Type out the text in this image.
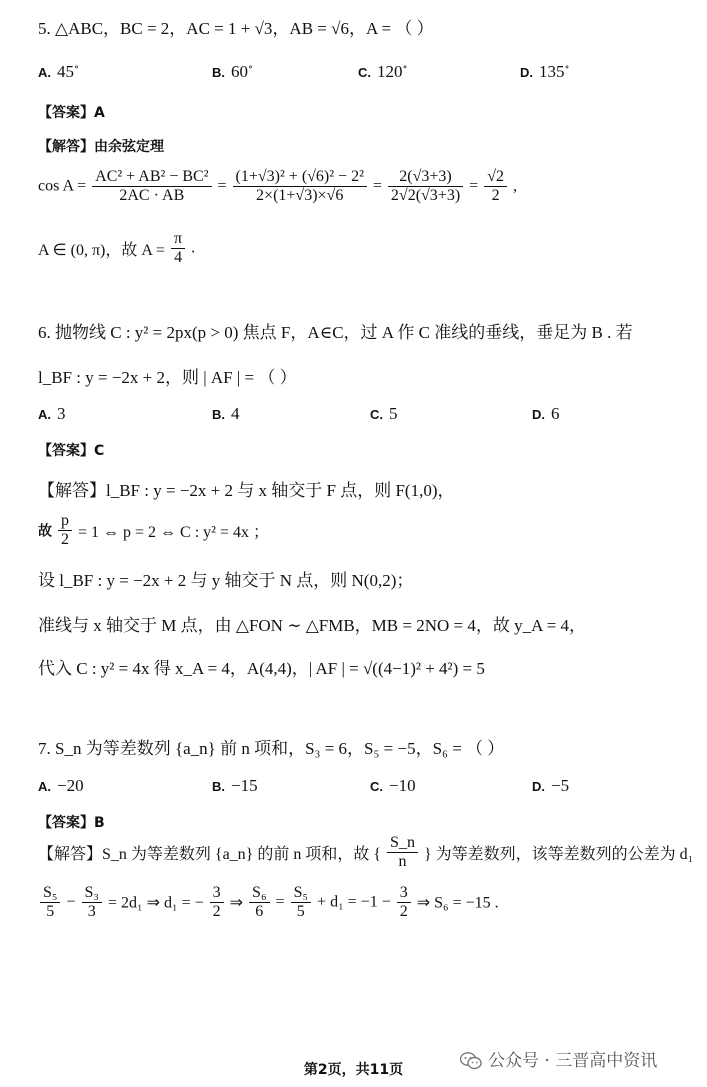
5. △ABC，BC = 2，AC = 1 + √3，AB = √6，A = （ ）
A. 45∘	B. 60∘	C. 120∘	D. 135∘
【答案】A
【解答】由余弦定理
$\cos A = \frac{\text{AC² + AB² − BC²}}{2AC \cdot AB} = \frac{\text{(1+√3)² + (√6)² − 2²}}{2\times(1+√3)\times√6} = \frac{2(√3+3)}{2√2(√3+3)} = \frac{√2}{2}$ ,
A ∈ (0, π)，故 $A = \frac{\pi}{4}$ .
6. 抛物线 C : y² = 2px(p > 0) 焦点 F，A∈C，过 A 作 C 准线的垂线，垂足为 B . 若
l_BF : y = −2x + 2，则 | AF | = （ ）
A. 3	B. 4	C. 5	D. 6
【答案】C
【解答】l_BF : y = −2x + 2 与 x 轴交于 F 点，则 F(1,0)，
故 $\frac{p}{2} = 1$ ⇔ p = 2 ⇔ C : y² = 4x ；
设 l_BF : y = −2x + 2 与 y 轴交于 N 点，则 N(0,2)；
准线与 x 轴交于 M 点，由 △FON ∼ △FMB，MB = 2NO = 4，故 y_A = 4，
代入 C : y² = 4x 得 x_A = 4，A(4,4)，| AF | = √((4−1)² + 4²) = 5
7. S_n 为等差数列 {a_n} 前 n 项和，S₃ = 6，S₅ = −5，S₆ = （ ）
A. −20	B. −15	C. −10	D. −5
【答案】B
【解答】S_n 为等差数列 {a_n} 的前 n 项和，故 { $\frac{S\_n}{n}$ } 为等差数列，该等差数列的公差为 d₁
$\frac{\text{S₅}}{5} - \frac{\text{S₃}}{3} = 2d_1$ ⇒ d₁ = − $\frac{3}{2}$ ⇒ $\frac{\text{S₆}}{6} = \frac{\text{S₅}}{5} + d_1 = -1 - \frac{3}{2}$ ⇒ S₆ = −15 .
第2页，共11页	公众号 · 三晋高中资讯
